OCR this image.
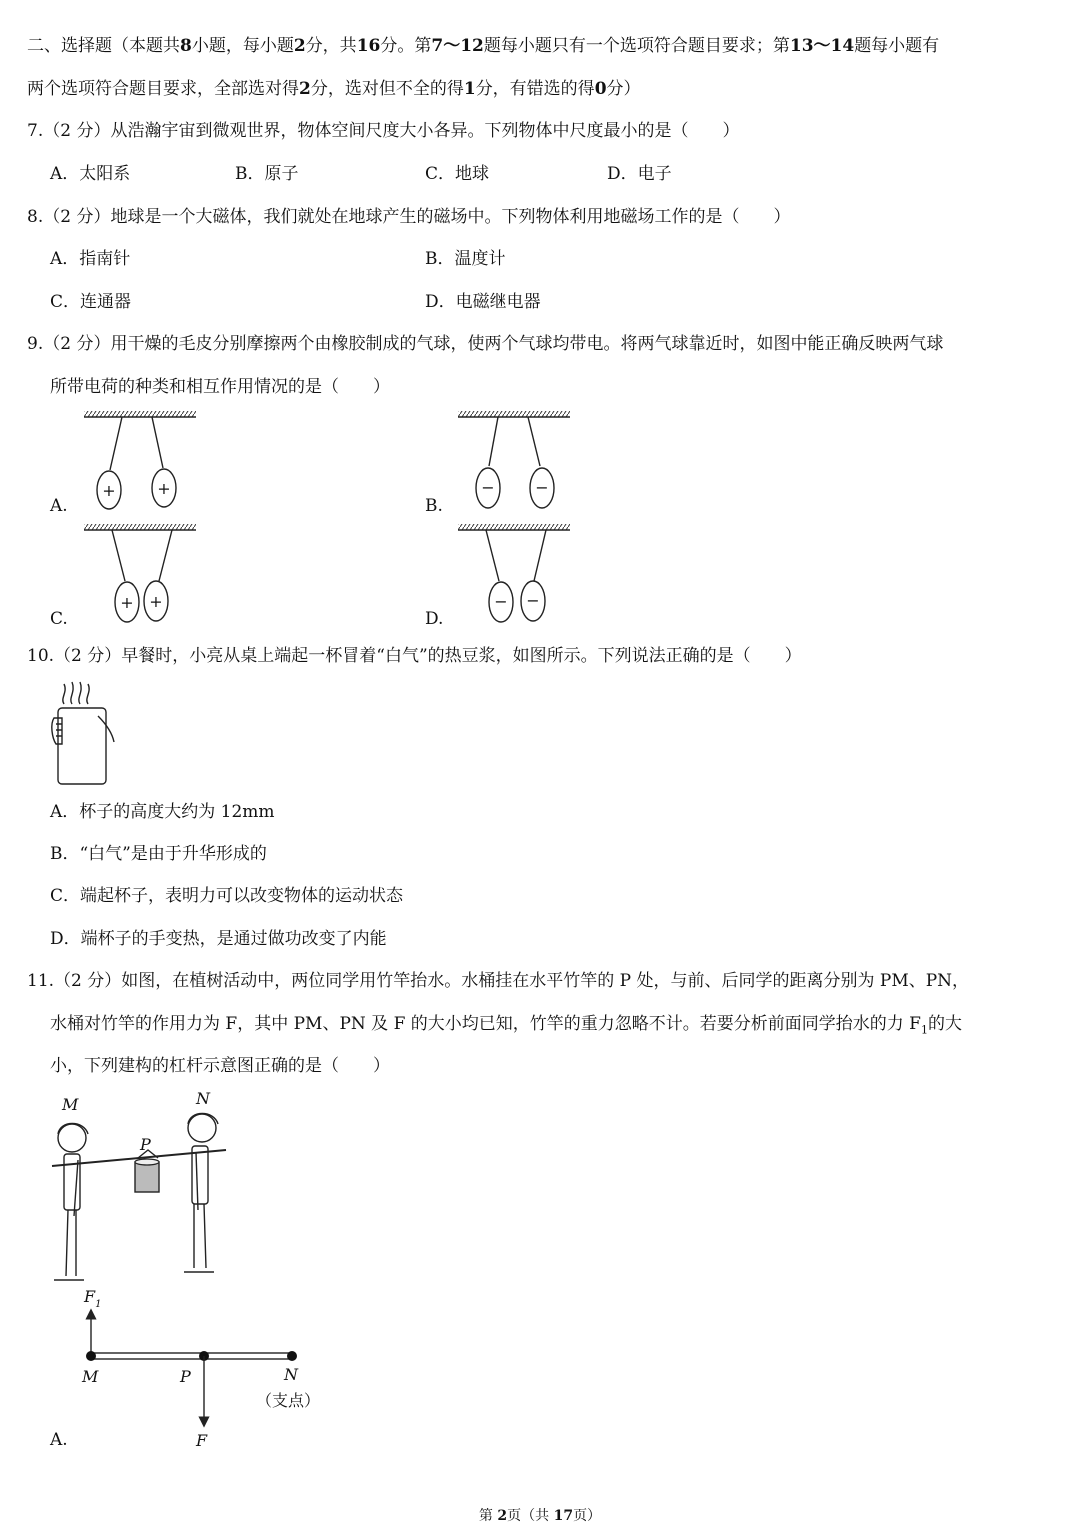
二、选择题（本题共8小题，每小题2分，共16分。第7～12题每小题只有一个选项符合题目要求；第13～14题每小题有
两个选项符合题目要求，全部选对得2分，选对但不全的得1分，有错选的得0分）
7.（2 分）从浩瀚宇宙到微观世界，物体空间尺度大小各异。下列物体中尺度最小的是（　　）
A．太阳系	B．原子	C．地球	D．电子
8.（2 分）地球是一个大磁体，我们就处在地球产生的磁场中。下列物体利用地磁场工作的是（　　）
A．指南针	B．温度计
C．连通器	D．电磁继电器
9.（2 分）用干燥的毛皮分别摩擦两个由橡胶制成的气球，使两个气球均带电。将两气球靠近时，如图中能正确反映两气球
所带电荷的种类和相互作用情况的是（　　）
A.	B.
C.	D.
+	+	−	−
+ +	− −
10.（2 分）早餐时，小亮从桌上端起一杯冒着“白气”的热豆浆，如图所示。下列说法正确的是（　　）
A．杯子的高度大约为 12mm
B．“白气”是由于升华形成的
C．端起杯子，表明力可以改变物体的运动状态
D．端杯子的手变热，是通过做功改变了内能
11.（2 分）如图，在植树活动中，两位同学用竹竿抬水。水桶挂在水平竹竿的 P 处，与前、后同学的距离分别为 PM、PN，
水桶对竹竿的作用力为 F，其中 PM、PN 及 F 的大小均已知，竹竿的重力忽略不计。若要分析前面同学抬水的力 $F_1$的大
小，下列建构的杠杆示意图正确的是（　　）
M	N
P
$F_1$
M	P	N
（支点）
F
A.
第 2页（共 17页）
